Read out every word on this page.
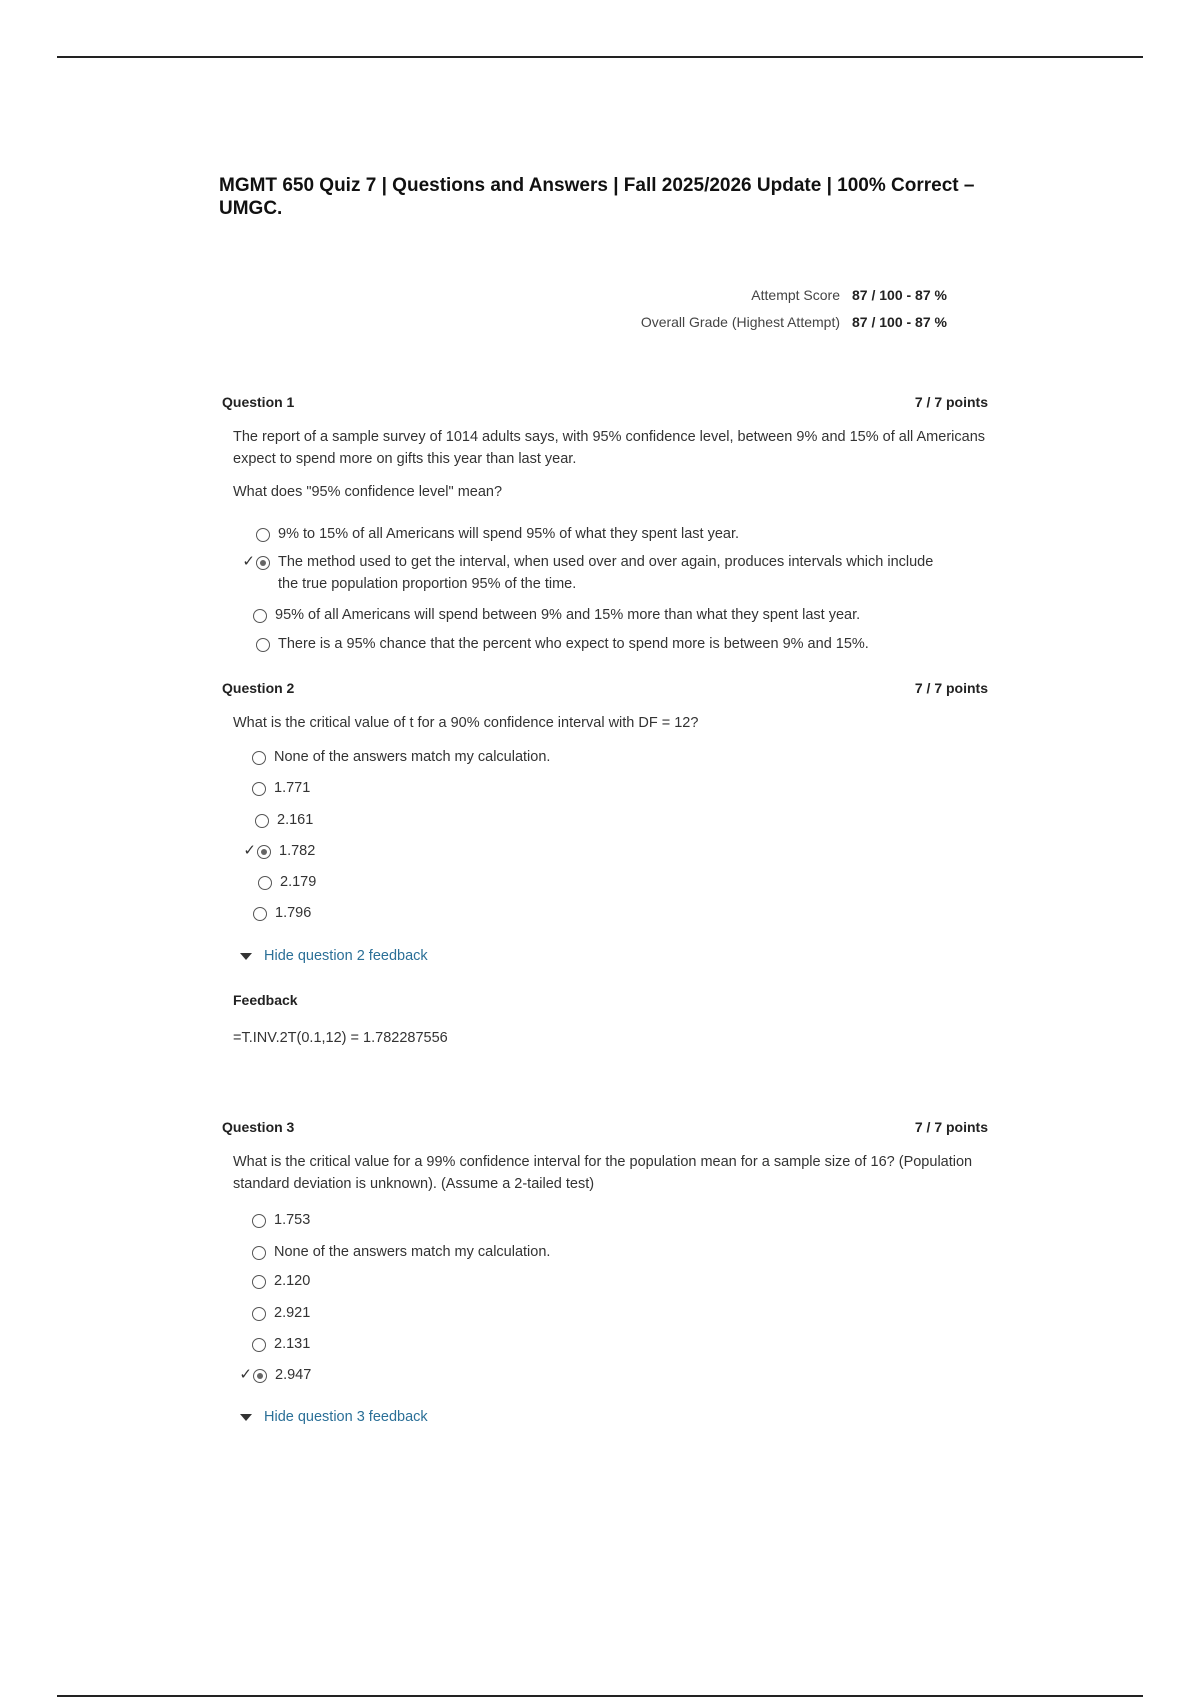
MGMT 650 Quiz 7 | Questions and Answers | Fall 2025/2026 Update | 100% Correct – UMGC.
Attempt Score 87 / 100 - 87 %
Overall Grade (Highest Attempt) 87 / 100 - 87 %
Question 1	7 / 7 points

The report of a sample survey of 1014 adults says, with 95% confidence level, between 9% and 15% of all Americans expect to spend more on gifts this year than last year.

What does "95% confidence level" mean?

9% to 15% of all Americans will spend 95% of what they spent last year.
✓ The method used to get the interval, when used over and over again, produces intervals which include the true population proportion 95% of the time.
95% of all Americans will spend between 9% and 15% more than what they spent last year.
There is a 95% chance that the percent who expect to spend more is between 9% and 15%.
Question 2	7 / 7 points

What is the critical value of t for a 90% confidence interval with DF = 12?

None of the answers match my calculation.
1.771
2.161
✓ 1.782
2.179
1.796
Hide question 2 feedback
Feedback
=T.INV.2T(0.1,12) = 1.782287556
Question 3	7 / 7 points

What is the critical value for a 99% confidence interval for the population mean for a sample size of 16? (Population standard deviation is unknown). (Assume a 2-tailed test)

1.753
None of the answers match my calculation.
2.120
2.921
2.131
✓ 2.947
Hide question 3 feedback
